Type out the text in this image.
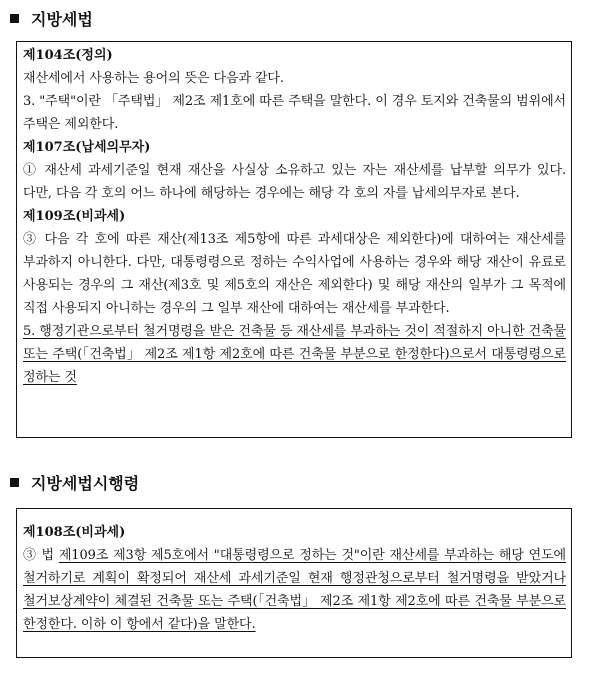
지방세법
제104조(정의)
재산세에서 사용하는 용어의 뜻은 다음과 같다.
3. "주택"이란 「주택법」 제2조 제1호에 따른 주택을 말한다. 이 경우 토지와 건축물의 범위에서 주택은 제외한다.
제107조(납세의무자)
① 재산세 과세기준일 현재 재산을 사실상 소유하고 있는 자는 재산세를 납부할 의무가 있다. 다만, 다음 각 호의 어느 하나에 해당하는 경우에는 해당 각 호의 자를 납세의무자로 본다.
제109조(비과세)
③ 다음 각 호에 따른 재산(제13조 제5항에 따른 과세대상은 제외한다)에 대하여는 재산세를 부과하지 아니한다. 다만, 대통령령으로 정하는 수익사업에 사용하는 경우와 해당 재산이 유료로 사용되는 경우의 그 재산(제3호 및 제5호의 재산은 제외한다) 및 해당 재산의 일부가 그 목적에 직접 사용되지 아니하는 경우의 그 일부 재산에 대하여는 재산세를 부과한다.
5. 행정기관으로부터 철거명령을 받은 건축물 등 재산세를 부과하는 것이 적절하지 아니한 건축물 또는 주택(「건축법」 제2조 제1항 제2호에 따른 건축물 부분으로 한정한다)으로서 대통령령으로 정하는 것
지방세법시행령
제108조(비과세)
③ 법 제109조 제3항 제5호에서 "대통령령으로 정하는 것"이란 재산세를 부과하는 해당 연도에 철거하기로 계획이 확정되어 재산세 과세기준일 현재 행정관청으로부터 철거명령을 받았거나 철거보상계약이 체결된 건축물 또는 주택(「건축법」 제2조 제1항 제2호에 따른 건축물 부분으로 한정한다. 이하 이 항에서 같다)을 말한다.
